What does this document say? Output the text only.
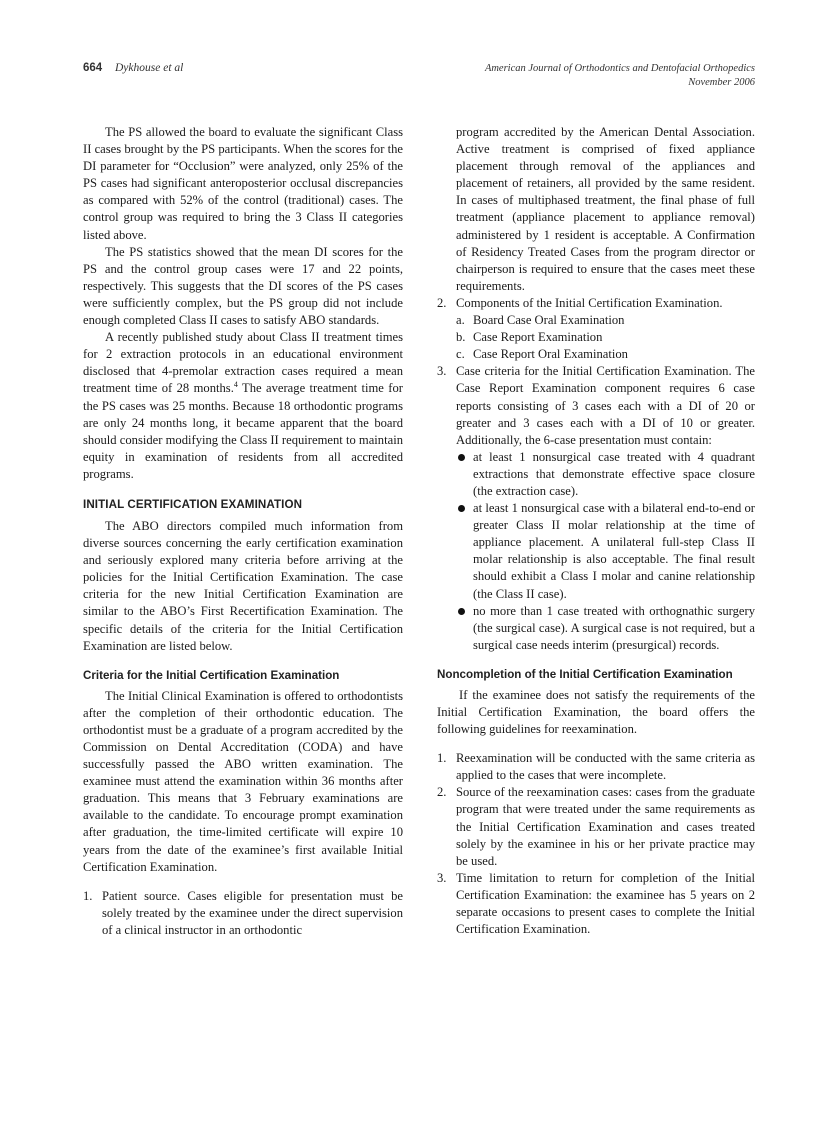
664 Dykhouse et al	American Journal of Orthodontics and Dentofacial Orthopedics
November 2006

The PS allowed the board to evaluate the significant Class II cases brought by the PS participants. When the scores for the DI parameter for “Occlusion” were analyzed, only 25% of the PS cases had significant anteroposterior occlusal discrepancies as compared with 52% of the control (traditional) cases. The control group was required to bring the 3 Class II categories listed above.

The PS statistics showed that the mean DI scores for the PS and the control group cases were 17 and 22 points, respectively. This suggests that the DI scores of the PS cases were sufficiently complex, but the PS group did not include enough completed Class II cases to satisfy ABO standards.

A recently published study about Class II treatment times for 2 extraction protocols in an educational environment disclosed that 4-premolar extraction cases required a mean treatment time of 28 months.$^4$ The average treatment time for the PS cases was 25 months. Because 18 orthodontic programs are only 24 months long, it became apparent that the board should consider modifying the Class II requirement to maintain equity in examination of residents from all accredited programs.

INITIAL CERTIFICATION EXAMINATION

The ABO directors compiled much information from diverse sources concerning the early certification examination and seriously explored many criteria before arriving at the policies for the Initial Certification Examination. The case criteria for the new Initial Certification Examination are similar to the ABO’s First Recertification Examination. The specific details of the criteria for the Initial Certification Examination are listed below.

Criteria for the Initial Certification Examination

The Initial Clinical Examination is offered to orthodontists after the completion of their orthodontic education. The orthodontist must be a graduate of a program accredited by the Commission on Dental Accreditation (CODA) and have successfully passed the ABO written examination. The examinee must attend the examination within 36 months after graduation. This means that 3 February examinations are available to the candidate. To encourage prompt examination after graduation, the time-limited certificate will expire 10 years from the date of the examinee’s first available Initial Certification Examination.

1. Patient source. Cases eligible for presentation must be solely treated by the examinee under the direct supervision of a clinical instructor in an orthodontic
program accredited by the American Dental Association. Active treatment is comprised of fixed appliance placement through removal of the appliances and placement of retainers, all provided by the same resident. In cases of multiphased treatment, the final phase of full treatment (appliance placement to appliance removal) administered by 1 resident is acceptable. A Confirmation of Residency Treated Cases from the program director or chairperson is required to ensure that the cases meet these requirements.
2. Components of the Initial Certification Examination.
a. Board Case Oral Examination
b. Case Report Examination
c. Case Report Oral Examination
3. Case criteria for the Initial Certification Examination. The Case Report Examination component requires 6 case reports consisting of 3 cases each with a DI of 20 or greater and 3 cases each with a DI of 10 or greater. Additionally, the 6-case presentation must contain:
at least 1 nonsurgical case treated with 4 quadrant extractions that demonstrate effective space closure (the extraction case).
at least 1 nonsurgical case with a bilateral end-to-end or greater Class II molar relationship at the time of appliance placement. A unilateral full-step Class II molar relationship is also acceptable. The final result should exhibit a Class I molar and canine relationship (the Class II case).
no more than 1 case treated with orthognathic surgery (the surgical case). A surgical case is not required, but a surgical case needs interim (presurgical) records.
Noncompletion of the Initial Certification Examination

If the examinee does not satisfy the requirements of the Initial Certification Examination, the board offers the following guidelines for reexamination.

1. Reexamination will be conducted with the same criteria as applied to the cases that were incomplete.
2. Source of the reexamination cases: cases from the graduate program that were treated under the same requirements as the Initial Certification Examination and cases treated solely by the examinee in his or her private practice may be used.
3. Time limitation to return for completion of the Initial Certification Examination: the examinee has 5 years on 2 separate occasions to present cases to complete the Initial Certification Examination.
